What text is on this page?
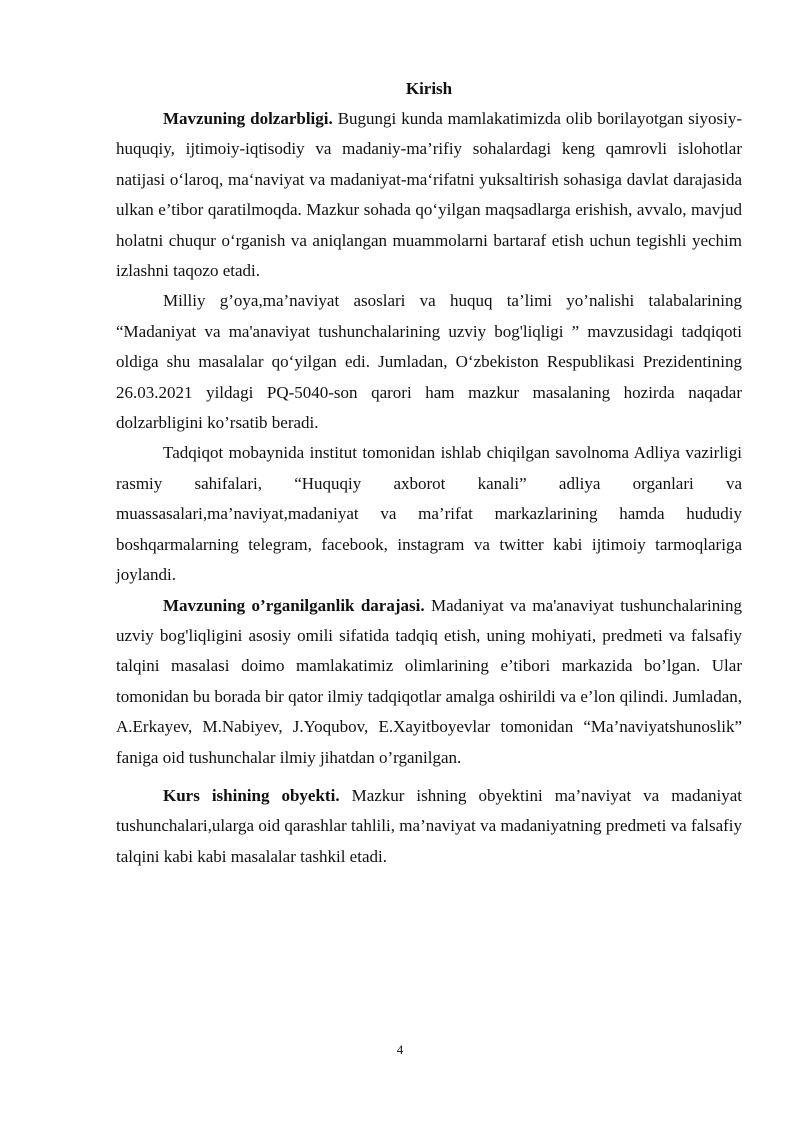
Kirish

Mavzuning dolzarbligi. Bugungi kunda mamlakatimizda olib borilayotgan siyosiy-huquqiy, ijtimoiy-iqtisodiy va madaniy-ma’rifiy sohalardagi keng qamrovli islohotlar natijasi o‘laroq, ma‘naviyat va madaniyat-ma‘rifatni yuksaltirish sohasiga davlat darajasida ulkan e’tibor qaratilmoqda. Mazkur sohada qo‘yilgan maqsadlarga erishish, avvalo, mavjud holatni chuqur o‘rganish va aniqlangan muammolarni bartaraf etish uchun tegishli yechim izlashni taqozo etadi.

Milliy g’oya,ma’naviyat asoslari va huquq ta’limi yo’nalishi talabalarining “Madaniyat va ma'anaviyat tushunchalarining uzviy bog'liqligi ” mavzusidagi tadqiqoti oldiga shu masalalar qo‘yilgan edi. Jumladan, O‘zbekiston Respublikasi Prezidentining 26.03.2021 yildagi PQ-5040-son qarori ham mazkur masalaning hozirda naqadar dolzarbligini ko’rsatib beradi.

Tadqiqot mobaynida institut tomonidan ishlab chiqilgan savolnoma Adliya vazirligi rasmiy sahifalari, “Huquqiy axborot kanali” adliya organlari va muassasalari,ma’naviyat,madaniyat va ma’rifat markazlarining hamda hududiy boshqarmalarning telegram, facebook, instagram va twitter kabi ijtimoiy tarmoqlariga joylandi.

Mavzuning o’rganilganlik darajasi. Madaniyat va ma'anaviyat tushunchalarining uzviy bog'liqligini asosiy omili sifatida tadqiq etish, uning mohiyati, predmeti va falsafiy talqini masalasi doimo mamlakatimiz olimlarining e’tibori markazida bo’lgan. Ular tomonidan bu borada bir qator ilmiy tadqiqotlar amalga oshirildi va e’lon qilindi. Jumladan, A.Erkayev, M.Nabiyev, J.Yoqubov, E.Xayitboyevlar tomonidan “Ma’naviyatshunoslik” faniga oid tushunchalar ilmiy jihatdan o’rganilgan.

Kurs ishining obyekti. Mazkur ishning obyektini ma’naviyat va madaniyat tushunchalari,ularga oid qarashlar tahlili, ma’naviyat va madaniyatning predmeti va falsafiy talqini kabi kabi masalalar tashkil etadi.

4
